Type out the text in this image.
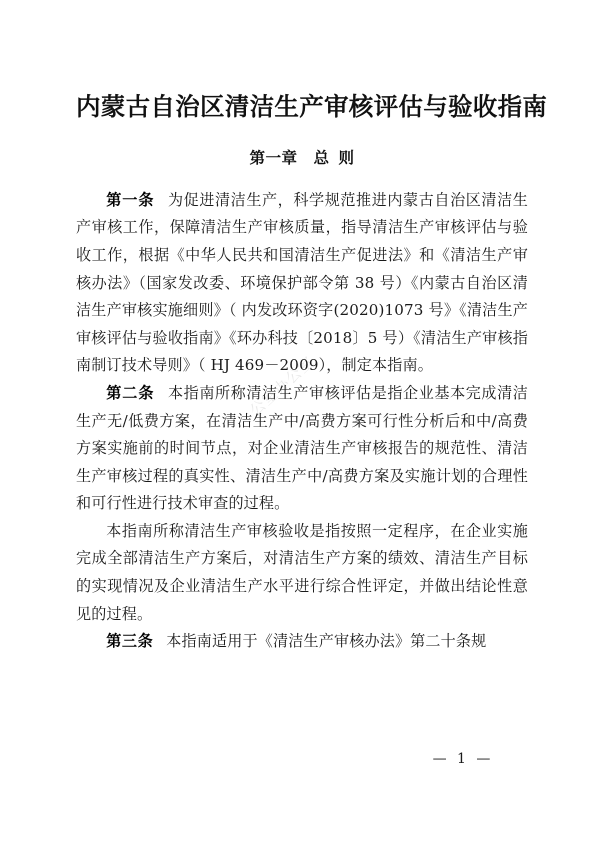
公室办公室
内蒙古自治区清洁生产审核评估与验收指南
第一章 总 则

第一条 为促进清洁生产，科学规范推进内蒙古自治区清洁生产审核工作，保障清洁生产审核质量，指导清洁生产审核评估与验收工作，根据《中华人民共和国清洁生产促进法》和《清洁生产审核办法》（国家发改委、环境保护部令第 38 号）《内蒙古自治区清洁生产审核实施细则》（ 内发改环资字(2020)1073 号》《清洁生产审核评估与验收指南》《环办科技〔2018〕5 号）《清洁生产审核指南制订技术导则》（ HJ 469－2009），制定本指南。

第二条 本指南所称清洁生产审核评估是指企业基本完成清洁生产无/低费方案，在清洁生产中/高费方案可行性分析后和中/高费方案实施前的时间节点，对企业清洁生产审核报告的规范性、清洁生产审核过程的真实性、清洁生产中/高费方案及实施计划的合理性和可行性进行技术审查的过程。

本指南所称清洁生产审核验收是指按照一定程序，在企业实施完成全部清洁生产方案后，对清洁生产方案的绩效、清洁生产目标的实现情况及企业清洁生产水平进行综合性评定，并做出结论性意见的过程。

第三条 本指南适用于《清洁生产审核办法》第二十条规

— 1 —
